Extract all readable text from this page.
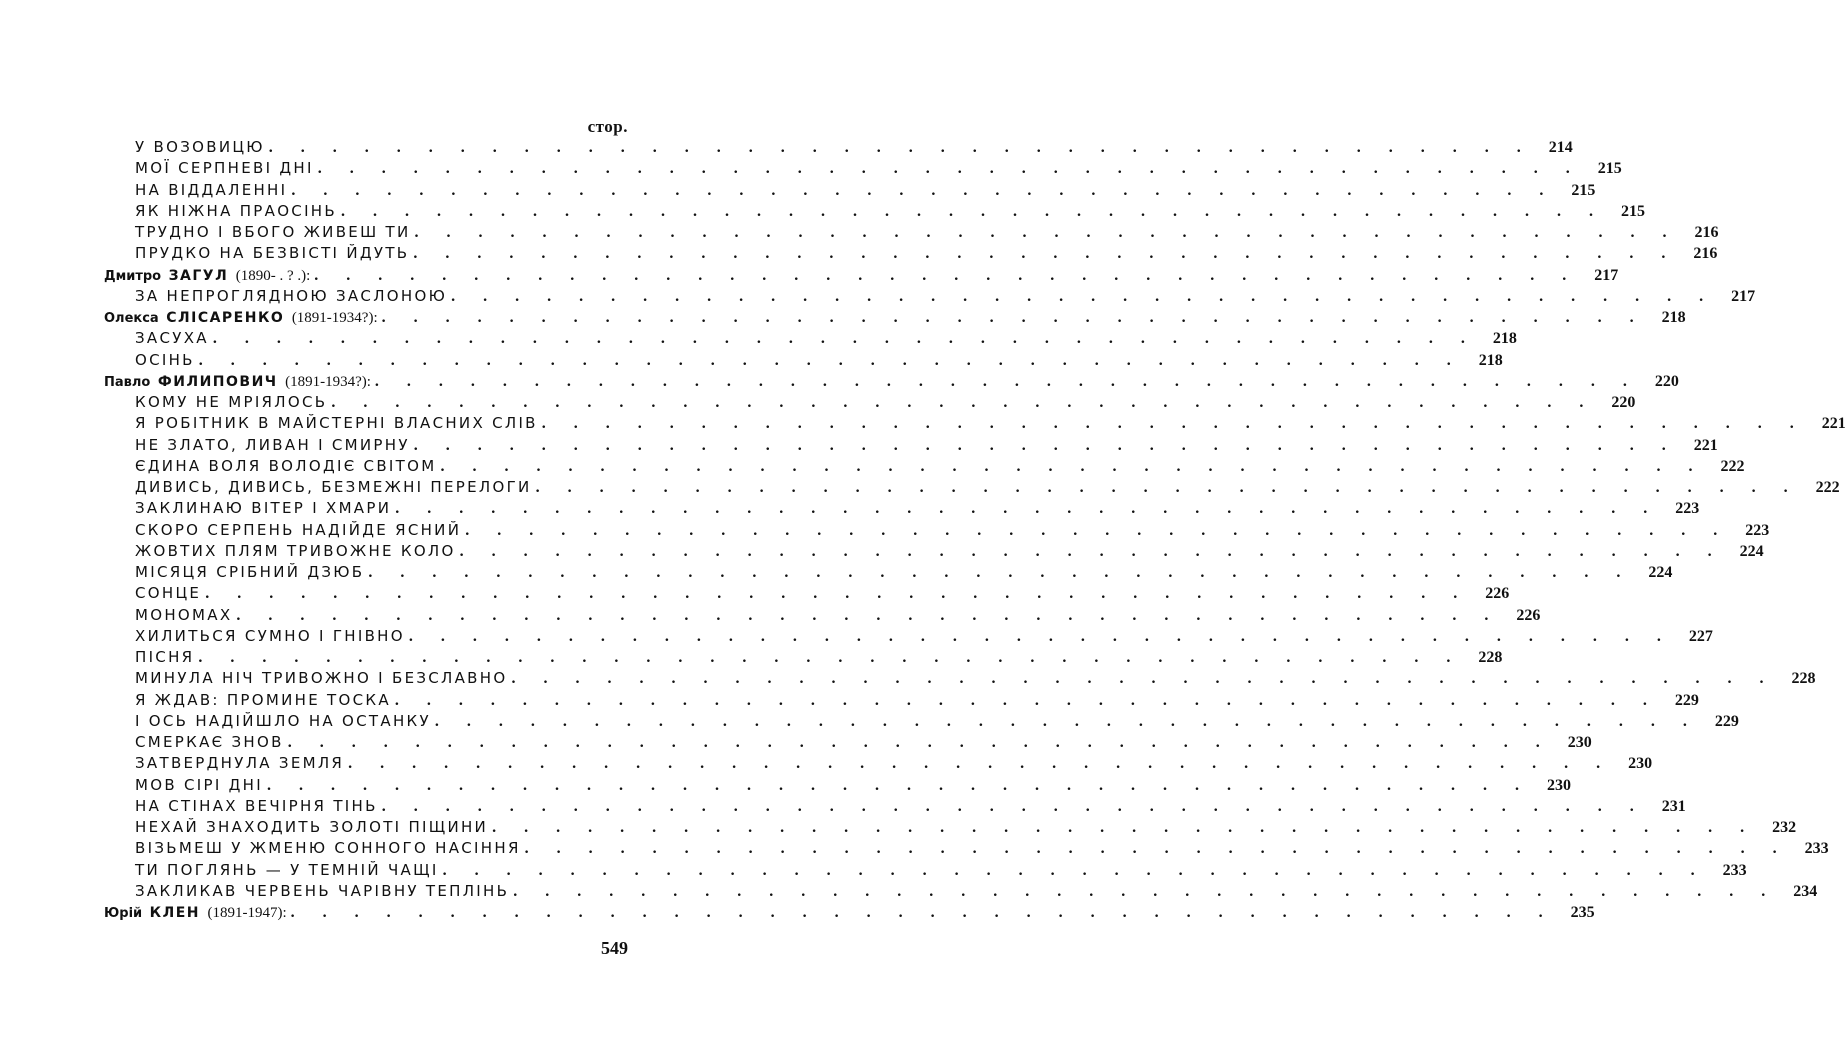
стор.
У ВОЗОВИЦЮ . . . . . . . . . . . . . . . . . . . . . . . . . . . . . . . . . . . . . . . .	214
МОЇ СЕРПНЕВІ ДНІ . . . . . . . . . . . . . . . . . . . . . . . . . . . . . . . . . . . . . . . .	215
НА ВІДДАЛЕННІ . . . . . . . . . . . . . . . . . . . . . . . . . . . . . . . . . . . . . . . .	215
ЯК НІЖНА ПРАОСІНЬ . . . . . . . . . . . . . . . . . . . . . . . . . . . . . . . . . . . . . . . .	215
ТРУДНО І ВБОГО ЖИВЕШ ТИ . . . . . . . . . . . . . . . . . . . . . . . . . . . . . . . . . . . . . . . .	216
ПРУДКО НА БЕЗВІСТІ ЙДУТЬ . . . . . . . . . . . . . . . . . . . . . . . . . . . . . . . . . . . . . . . .	216
Дмитро ЗАГУЛ (1890- . ? .): . . . . . . . . . . . . . . . . . . . . . . . . . . . . . . . . . . . . . . . .	217
ЗА НЕПРОГЛЯДНОЮ ЗАСЛОНОЮ . . . . . . . . . . . . . . . . . . . . . . . . . . . . . . . . . . . . . . . .	217
Олекса СЛІСАРЕНКО (1891-1934?): . . . . . . . . . . . . . . . . . . . . . . . . . . . . . . . . . . . . . . . .	218
ЗАСУХА . . . . . . . . . . . . . . . . . . . . . . . . . . . . . . . . . . . . . . . .	218
ОСІНЬ . . . . . . . . . . . . . . . . . . . . . . . . . . . . . . . . . . . . . . . .	218
Павло ФИЛИПОВИЧ (1891-1934?): . . . . . . . . . . . . . . . . . . . . . . . . . . . . . . . . . . . . . . . .	220
КОМУ НЕ МРІЯЛОСЬ . . . . . . . . . . . . . . . . . . . . . . . . . . . . . . . . . . . . . . . .	220
Я РОБІТНИК В МАЙСТЕРНІ ВЛАСНИХ СЛІВ . . . . . . . . . . . . . . . . . . . . . . . . . . . . . . . . . . . . . . . .	221
НЕ ЗЛАТО, ЛИВАН І СМИРНУ . . . . . . . . . . . . . . . . . . . . . . . . . . . . . . . . . . . . . . . .	221
ЄДИНА ВОЛЯ ВОЛОДІЄ СВІТОМ . . . . . . . . . . . . . . . . . . . . . . . . . . . . . . . . . . . . . . . .	222
ДИВИСЬ, ДИВИСЬ, БЕЗМЕЖНІ ПЕРЕЛОГИ . . . . . . . . . . . . . . . . . . . . . . . . . . . . . . . . . . . . . . . .	222
ЗАКЛИНАЮ ВІТЕР І ХМАРИ . . . . . . . . . . . . . . . . . . . . . . . . . . . . . . . . . . . . . . . .	223
СКОРО СЕРПЕНЬ НАДІЙДЕ ЯСНИЙ . . . . . . . . . . . . . . . . . . . . . . . . . . . . . . . . . . . . . . . .	223
ЖОВТИХ ПЛЯМ ТРИВОЖНЕ КОЛО . . . . . . . . . . . . . . . . . . . . . . . . . . . . . . . . . . . . . . . .	224
МІСЯЦЯ СРІБНИЙ ДЗЮБ . . . . . . . . . . . . . . . . . . . . . . . . . . . . . . . . . . . . . . . .	224
СОНЦЕ . . . . . . . . . . . . . . . . . . . . . . . . . . . . . . . . . . . . . . . .	226
МОНОМАХ . . . . . . . . . . . . . . . . . . . . . . . . . . . . . . . . . . . . . . . .	226
ХИЛИТЬСЯ СУМНО І ГНІВНО . . . . . . . . . . . . . . . . . . . . . . . . . . . . . . . . . . . . . . . .	227
ПІСНЯ . . . . . . . . . . . . . . . . . . . . . . . . . . . . . . . . . . . . . . . .	228
МИНУЛА НІЧ ТРИВОЖНО І БЕЗСЛАВНО . . . . . . . . . . . . . . . . . . . . . . . . . . . . . . . . . . . . . . . .	228
Я ЖДАВ: ПРОМИНЕ ТОСКА . . . . . . . . . . . . . . . . . . . . . . . . . . . . . . . . . . . . . . . .	229
І ОСЬ НАДІЙШЛО НА ОСТАНКУ . . . . . . . . . . . . . . . . . . . . . . . . . . . . . . . . . . . . . . . .	229
СМЕРКАЄ ЗНОВ . . . . . . . . . . . . . . . . . . . . . . . . . . . . . . . . . . . . . . . .	230
ЗАТВЕРДНУЛА ЗЕМЛЯ . . . . . . . . . . . . . . . . . . . . . . . . . . . . . . . . . . . . . . . .	230
МОВ СІРІ ДНІ . . . . . . . . . . . . . . . . . . . . . . . . . . . . . . . . . . . . . . . .	230
НА СТІНАХ ВЕЧІРНЯ ТІНЬ . . . . . . . . . . . . . . . . . . . . . . . . . . . . . . . . . . . . . . . .	231
НЕХАЙ ЗНАХОДИТЬ ЗОЛОТІ ПІЩИНИ . . . . . . . . . . . . . . . . . . . . . . . . . . . . . . . . . . . . . . . .	232
ВІЗЬМЕШ У ЖМЕНЮ СОННОГО НАСІННЯ . . . . . . . . . . . . . . . . . . . . . . . . . . . . . . . . . . . . . . . .	233
ТИ ПОГЛЯНЬ — У ТЕМНІЙ ЧАЩІ . . . . . . . . . . . . . . . . . . . . . . . . . . . . . . . . . . . . . . . .	233
ЗАКЛИКАВ ЧЕРВЕНЬ ЧАРІВНУ ТЕПЛІНЬ . . . . . . . . . . . . . . . . . . . . . . . . . . . . . . . . . . . . . . . .	234
Юрій КЛЕН (1891-1947): . . . . . . . . . . . . . . . . . . . . . . . . . . . . . . . . . . . . . . . .	235
549
